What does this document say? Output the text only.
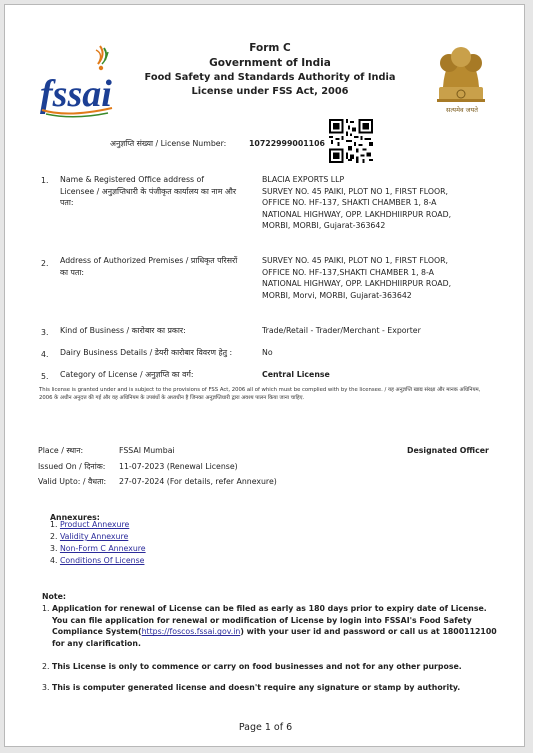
fssai
Form C
Government of India
Food Safety and Standards Authority of India
License under FSS Act, 2006
सत्यमेव जयते
अनुज्ञप्ति संख्या / License Number:	10722999001106
1. Name & Registered Office address of Licensee / अनुज्ञप्तिधारी के पंजीकृत कार्यालय का नाम और पता:
BLACIA EXPORTS LLP
SURVEY NO. 45 PAIKI, PLOT NO 1, FIRST FLOOR, OFFICE NO. HF-137, SHAKTI CHAMBER 1, 8-A NATIONAL HIGHWAY, OPP. LAKHDHIIRPUR ROAD, MORBI, MORBI, Gujarat-363642
2. Address of Authorized Premises / प्राधिकृत परिसरों का पता:
SURVEY NO. 45 PAIKI, PLOT NO 1, FIRST FLOOR, OFFICE NO. HF-137,SHAKTI CHAMBER 1, 8-A NATIONAL HIGHWAY, OPP. LAKHDHIIRPUR ROAD, MORBI, Morvi, MORBI, Gujarat-363642
3. Kind of Business / कारोबार का प्रकार:	Trade/Retail - Trader/Merchant - Exporter
4. Dairy Business Details / डेयरी कारोबार विवरण हेतु :	No
5. Category of License / अनुज्ञप्ति का वर्ग:	Central License
This license is granted under and is subject to the provisions of FSS Act, 2006 all of which must be complied with by the licensee. / यह अनुज्ञप्ति खाद्य संरक्षा और मानक अधिनियम, 2006 के अधीन अनुदत्त की गई और वह अधिनियम के उपबंधों के अध्यधीन है जिनका अनुज्ञप्तिधारी द्वारा अवश्य पालन किया जाना चाहिए.
Place / स्थान:	FSSAI Mumbai	Designated Officer
Issued On / दिनांक: 11-07-2023 (Renewal License)
Valid Upto: / वैधता: 27-07-2024 (For details, refer Annexure)
Annexures:
1. Product Annexure
2. Validity Annexure
3. Non-Form C Annexure
4. Conditions Of License
Note:
1. Application for renewal of License can be filed as early as 180 days prior to expiry date of License. You can file application for renewal or modification of License by login into FSSAI's Food Safety Compliance System(https://foscos.fssai.gov.in) with your user id and password or call us at 1800112100 for any clarification.
2. This License is only to commence or carry on food businesses and not for any other purpose.
3. This is computer generated license and doesn't require any signature or stamp by authority.
Page 1 of 6
